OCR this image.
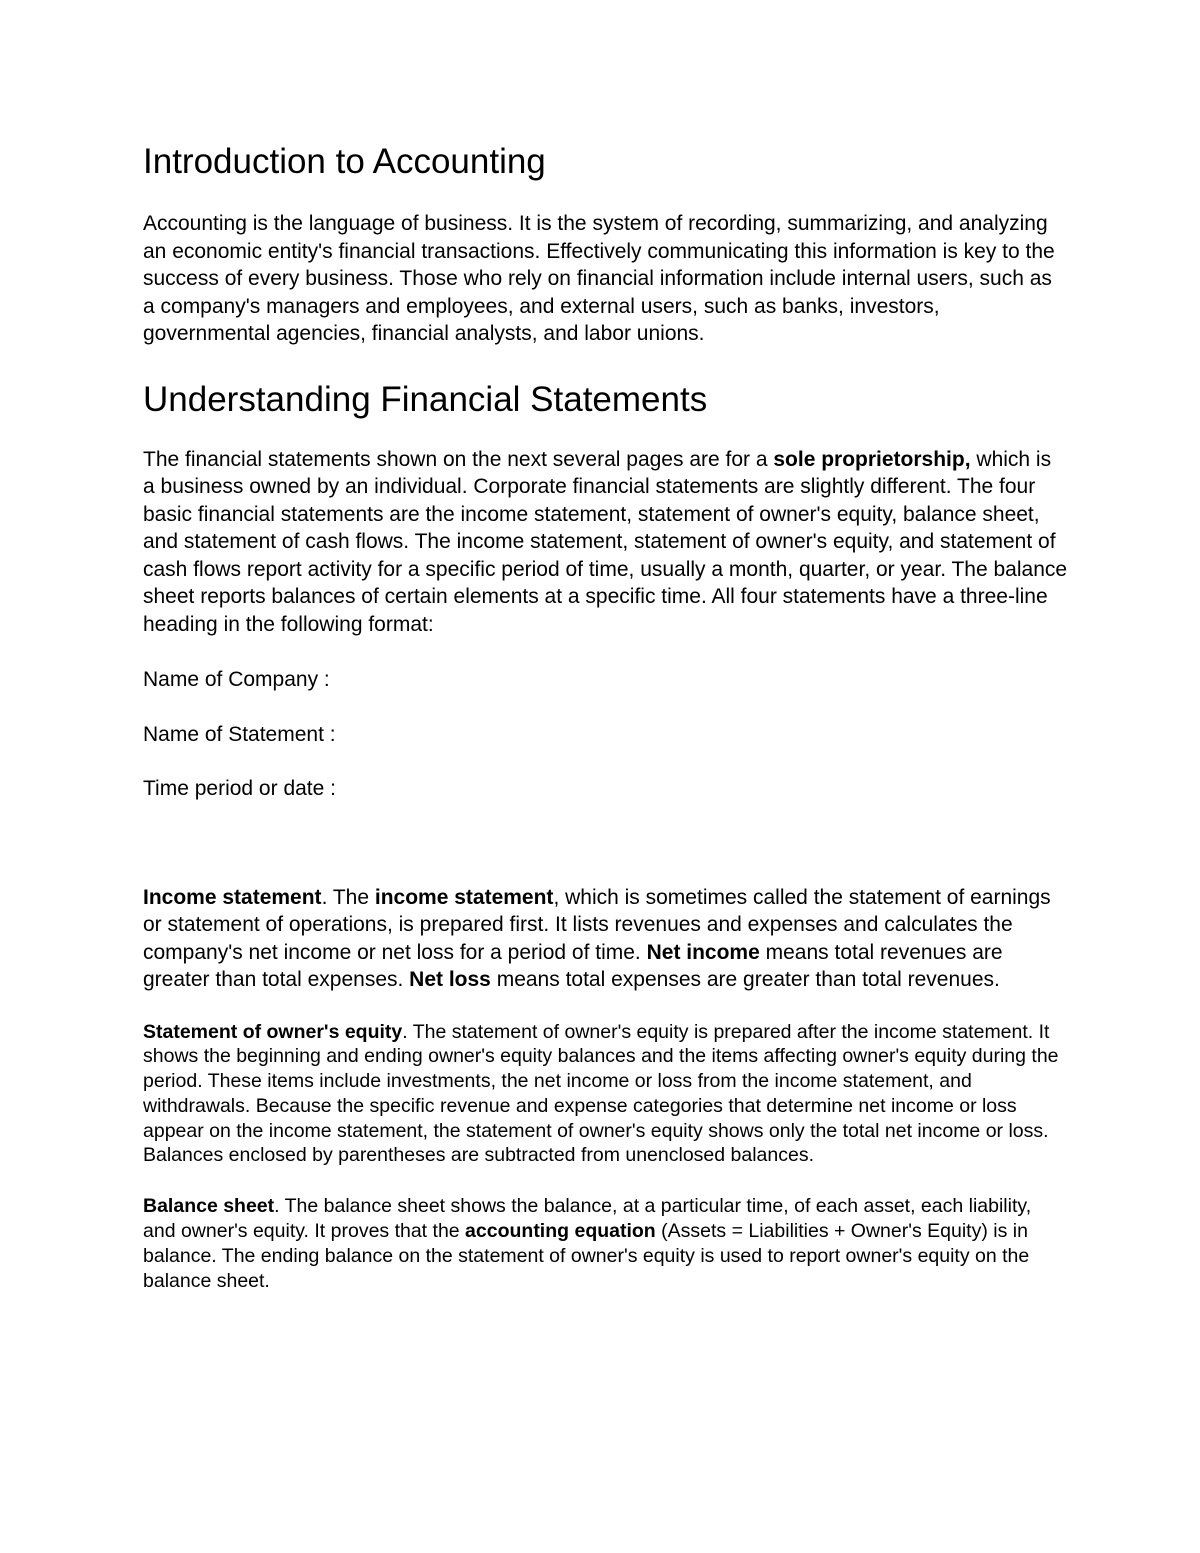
Introduction to Accounting

Accounting is the language of business. It is the system of recording, summarizing, and analyzing an economic entity's financial transactions. Effectively communicating this information is key to the success of every business. Those who rely on financial information include internal users, such as a company's managers and employees, and external users, such as banks, investors, governmental agencies, financial analysts, and labor unions.

Understanding Financial Statements

The financial statements shown on the next several pages are for a sole proprietorship, which is a business owned by an individual. Corporate financial statements are slightly different. The four basic financial statements are the income statement, statement of owner's equity, balance sheet, and statement of cash flows. The income statement, statement of owner's equity, and statement of cash flows report activity for a specific period of time, usually a month, quarter, or year. The balance sheet reports balances of certain elements at a specific time. All four statements have a three-line heading in the following format:

Name of Company :

Name of Statement :

Time period or date :

Income statement. The income statement, which is sometimes called the statement of earnings or statement of operations, is prepared first. It lists revenues and expenses and calculates the company's net income or net loss for a period of time. Net income means total revenues are greater than total expenses. Net loss means total expenses are greater than total revenues.

Statement of owner's equity. The statement of owner's equity is prepared after the income statement. It shows the beginning and ending owner's equity balances and the items affecting owner's equity during the period. These items include investments, the net income or loss from the income statement, and withdrawals. Because the specific revenue and expense categories that determine net income or loss appear on the income statement, the statement of owner's equity shows only the total net income or loss. Balances enclosed by parentheses are subtracted from unenclosed balances.

Balance sheet. The balance sheet shows the balance, at a particular time, of each asset, each liability, and owner's equity. It proves that the accounting equation (Assets = Liabilities + Owner's Equity) is in balance. The ending balance on the statement of owner's equity is used to report owner's equity on the balance sheet.
